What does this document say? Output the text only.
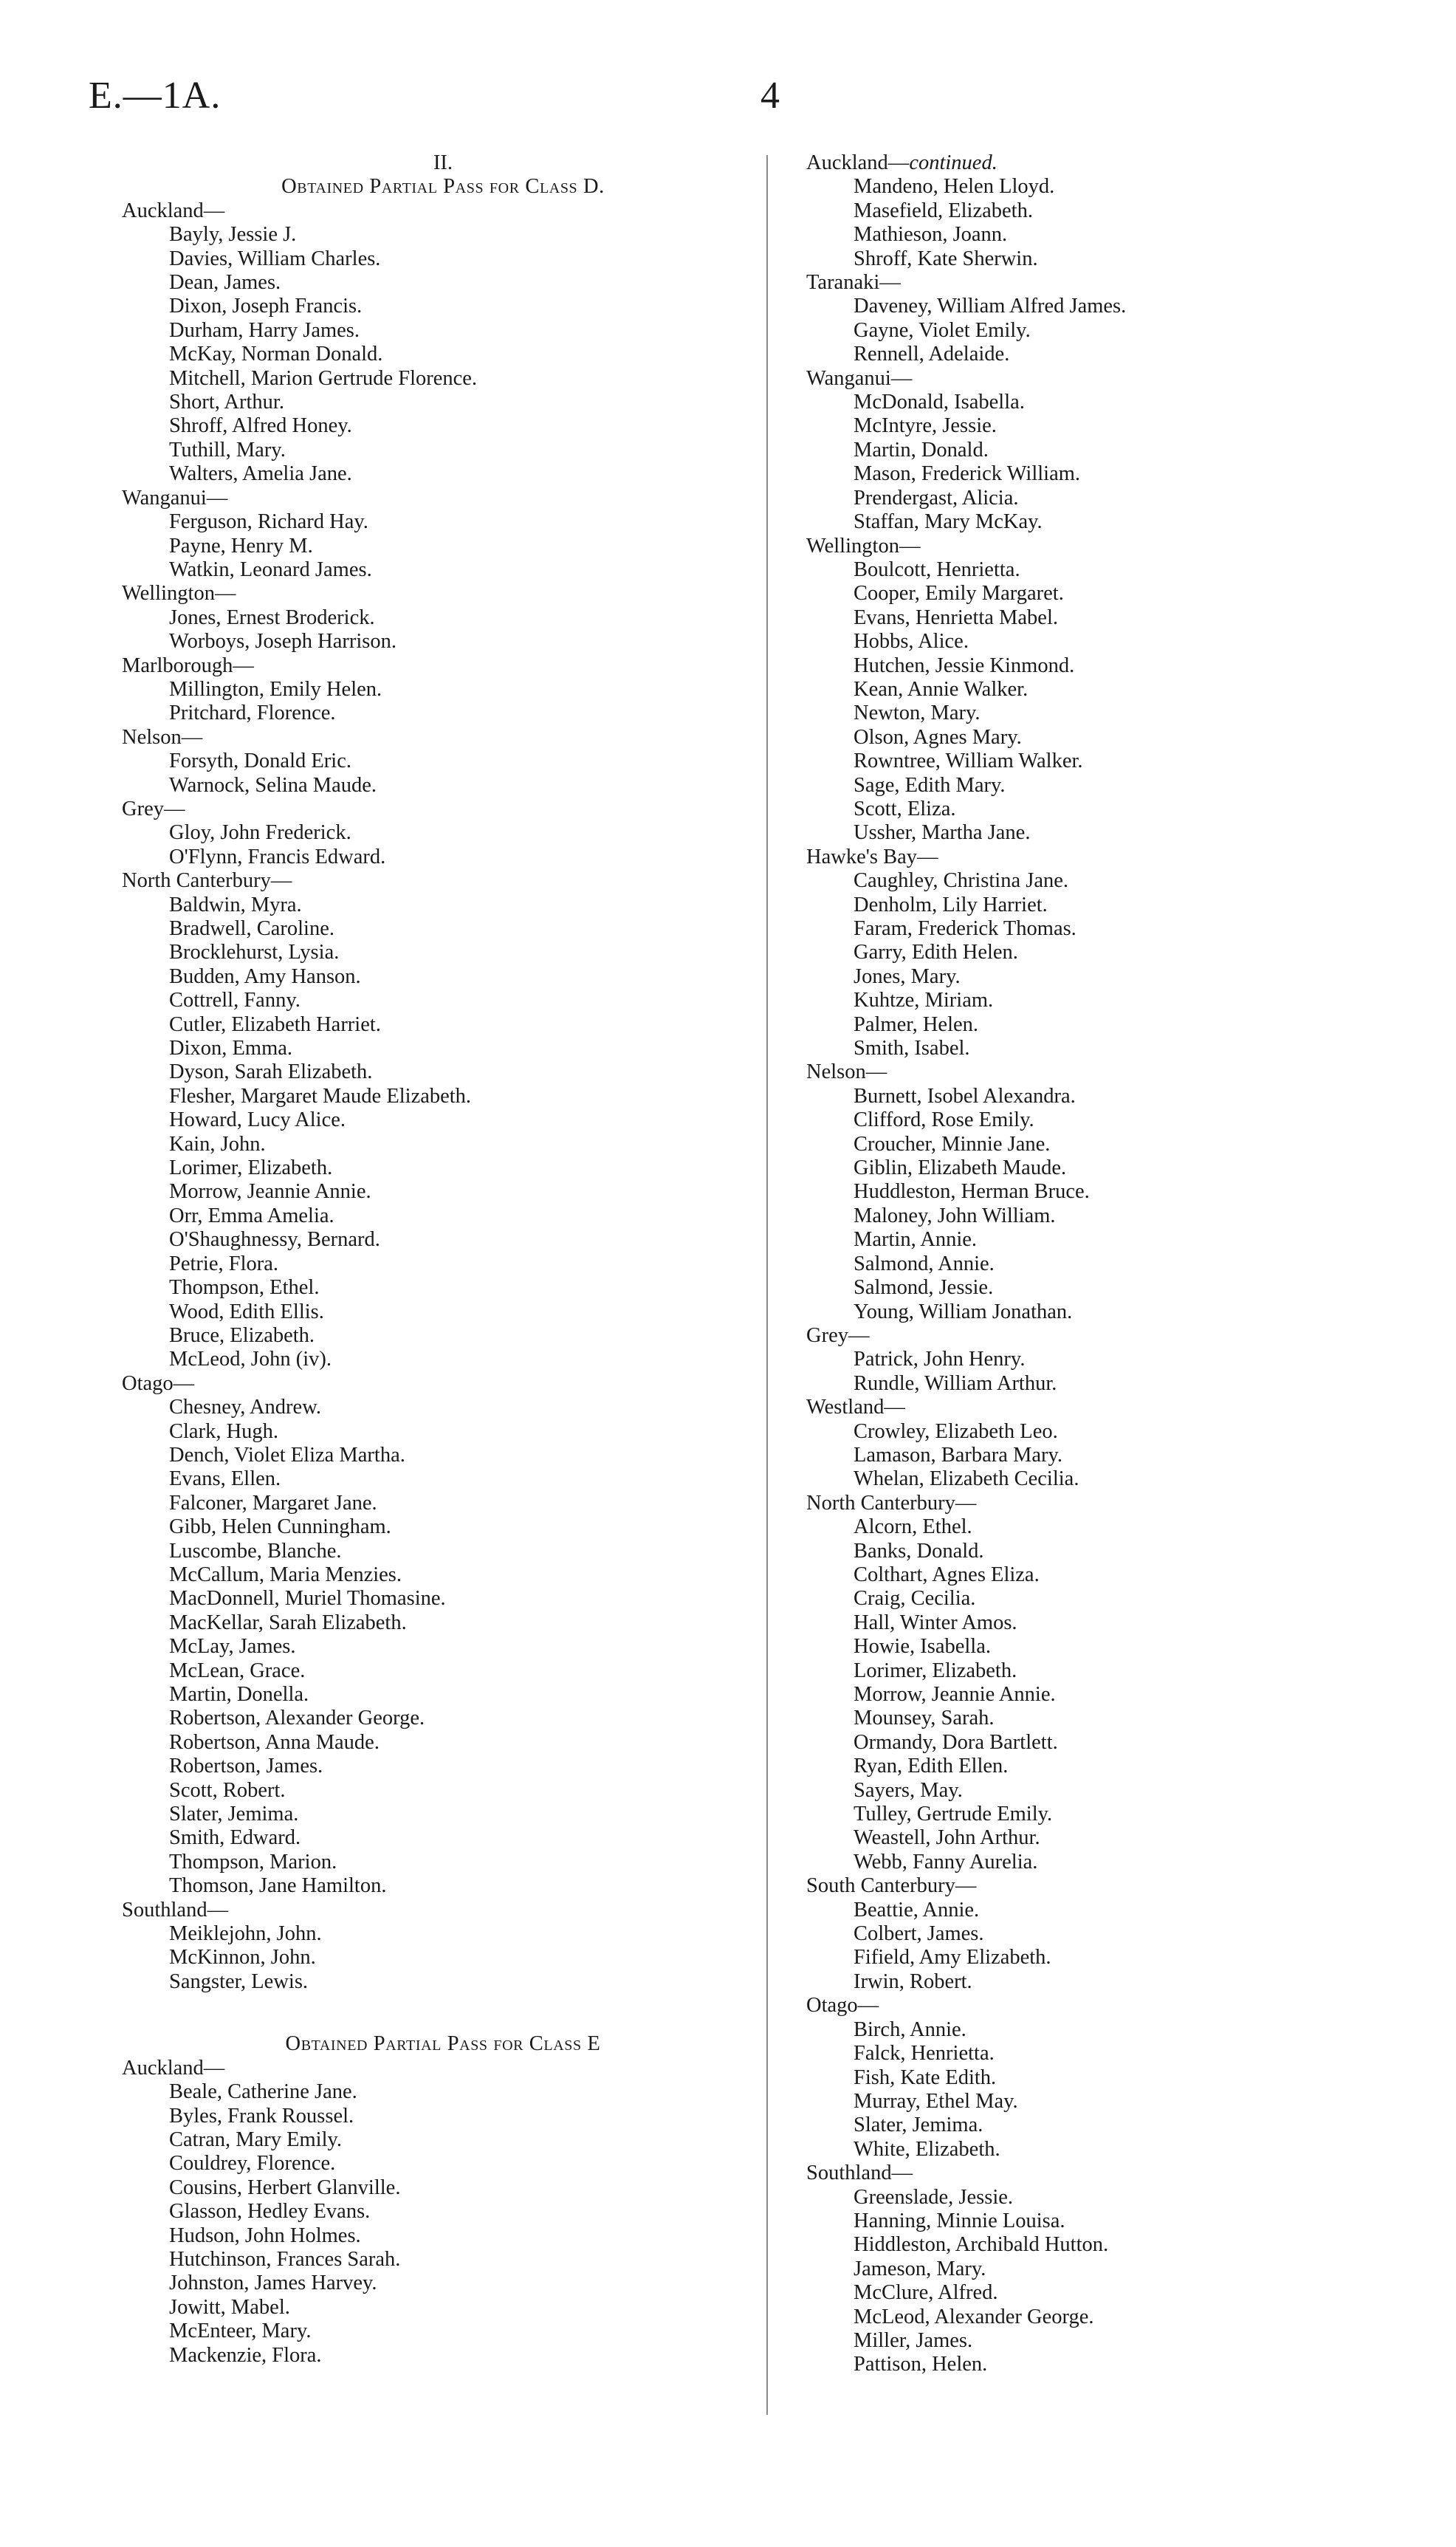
E.—1A.	4
II.
Obtained Partial Pass for Class D.
Auckland—
Bayly, Jessie J.
Davies, William Charles.
Dean, James.
Dixon, Joseph Francis.
Durham, Harry James.
McKay, Norman Donald.
Mitchell, Marion Gertrude Florence.
Short, Arthur.
Shroff, Alfred Honey.
Tuthill, Mary.
Walters, Amelia Jane.
Wanganui—
Ferguson, Richard Hay.
Payne, Henry M.
Watkin, Leonard James.
Wellington—
Jones, Ernest Broderick.
Worboys, Joseph Harrison.
Marlborough—
Millington, Emily Helen.
Pritchard, Florence.
Nelson—
Forsyth, Donald Eric.
Warnock, Selina Maude.
Grey—
Gloy, John Frederick.
O'Flynn, Francis Edward.
North Canterbury—
Baldwin, Myra.
Bradwell, Caroline.
Brocklehurst, Lysia.
Budden, Amy Hanson.
Cottrell, Fanny.
Cutler, Elizabeth Harriet.
Dixon, Emma.
Dyson, Sarah Elizabeth.
Flesher, Margaret Maude Elizabeth.
Howard, Lucy Alice.
Kain, John.
Lorimer, Elizabeth.
Morrow, Jeannie Annie.
Orr, Emma Amelia.
O'Shaughnessy, Bernard.
Petrie, Flora.
Thompson, Ethel.
Wood, Edith Ellis.
Bruce, Elizabeth.
McLeod, John (iv).
Otago—
Chesney, Andrew.
Clark, Hugh.
Dench, Violet Eliza Martha.
Evans, Ellen.
Falconer, Margaret Jane.
Gibb, Helen Cunningham.
Luscombe, Blanche.
McCallum, Maria Menzies.
MacDonnell, Muriel Thomasine.
MacKellar, Sarah Elizabeth.
McLay, James.
McLean, Grace.
Martin, Donella.
Robertson, Alexander George.
Robertson, Anna Maude.
Robertson, James.
Scott, Robert.
Slater, Jemima.
Smith, Edward.
Thompson, Marion.
Thomson, Jane Hamilton.
Southland—
Meiklejohn, John.
McKinnon, John.
Sangster, Lewis.
Obtained Partial Pass for Class E
Auckland—
Beale, Catherine Jane.
Byles, Frank Roussel.
Catran, Mary Emily.
Couldrey, Florence.
Cousins, Herbert Glanville.
Glasson, Hedley Evans.
Hudson, John Holmes.
Hutchinson, Frances Sarah.
Johnston, James Harvey.
Jowitt, Mabel.
McEnteer, Mary.
Mackenzie, Flora.
Auckland—continued.
Mandeno, Helen Lloyd.
Masefield, Elizabeth.
Mathieson, Joann.
Shroff, Kate Sherwin.
Taranaki—
Daveney, William Alfred James.
Gayne, Violet Emily.
Rennell, Adelaide.
Wanganui—
McDonald, Isabella.
McIntyre, Jessie.
Martin, Donald.
Mason, Frederick William.
Prendergast, Alicia.
Staffan, Mary McKay.
Wellington—
Boulcott, Henrietta.
Cooper, Emily Margaret.
Evans, Henrietta Mabel.
Hobbs, Alice.
Hutchen, Jessie Kinmond.
Kean, Annie Walker.
Newton, Mary.
Olson, Agnes Mary.
Rowntree, William Walker.
Sage, Edith Mary.
Scott, Eliza.
Ussher, Martha Jane.
Hawke's Bay—
Caughley, Christina Jane.
Denholm, Lily Harriet.
Faram, Frederick Thomas.
Garry, Edith Helen.
Jones, Mary.
Kuhtze, Miriam.
Palmer, Helen.
Smith, Isabel.
Nelson—
Burnett, Isobel Alexandra.
Clifford, Rose Emily.
Croucher, Minnie Jane.
Giblin, Elizabeth Maude.
Huddleston, Herman Bruce.
Maloney, John William.
Martin, Annie.
Salmond, Annie.
Salmond, Jessie.
Young, William Jonathan.
Grey—
Patrick, John Henry.
Rundle, William Arthur.
Westland—
Crowley, Elizabeth Leo.
Lamason, Barbara Mary.
Whelan, Elizabeth Cecilia.
North Canterbury—
Alcorn, Ethel.
Banks, Donald.
Colthart, Agnes Eliza.
Craig, Cecilia.
Hall, Winter Amos.
Howie, Isabella.
Lorimer, Elizabeth.
Morrow, Jeannie Annie.
Mounsey, Sarah.
Ormandy, Dora Bartlett.
Ryan, Edith Ellen.
Sayers, May.
Tulley, Gertrude Emily.
Weastell, John Arthur.
Webb, Fanny Aurelia.
South Canterbury—
Beattie, Annie.
Colbert, James.
Fifield, Amy Elizabeth.
Irwin, Robert.
Otago—
Birch, Annie.
Falck, Henrietta.
Fish, Kate Edith.
Murray, Ethel May.
Slater, Jemima.
White, Elizabeth.
Southland—
Greenslade, Jessie.
Hanning, Minnie Louisa.
Hiddleston, Archibald Hutton.
Jameson, Mary.
McClure, Alfred.
McLeod, Alexander George.
Miller, James.
Pattison, Helen.
